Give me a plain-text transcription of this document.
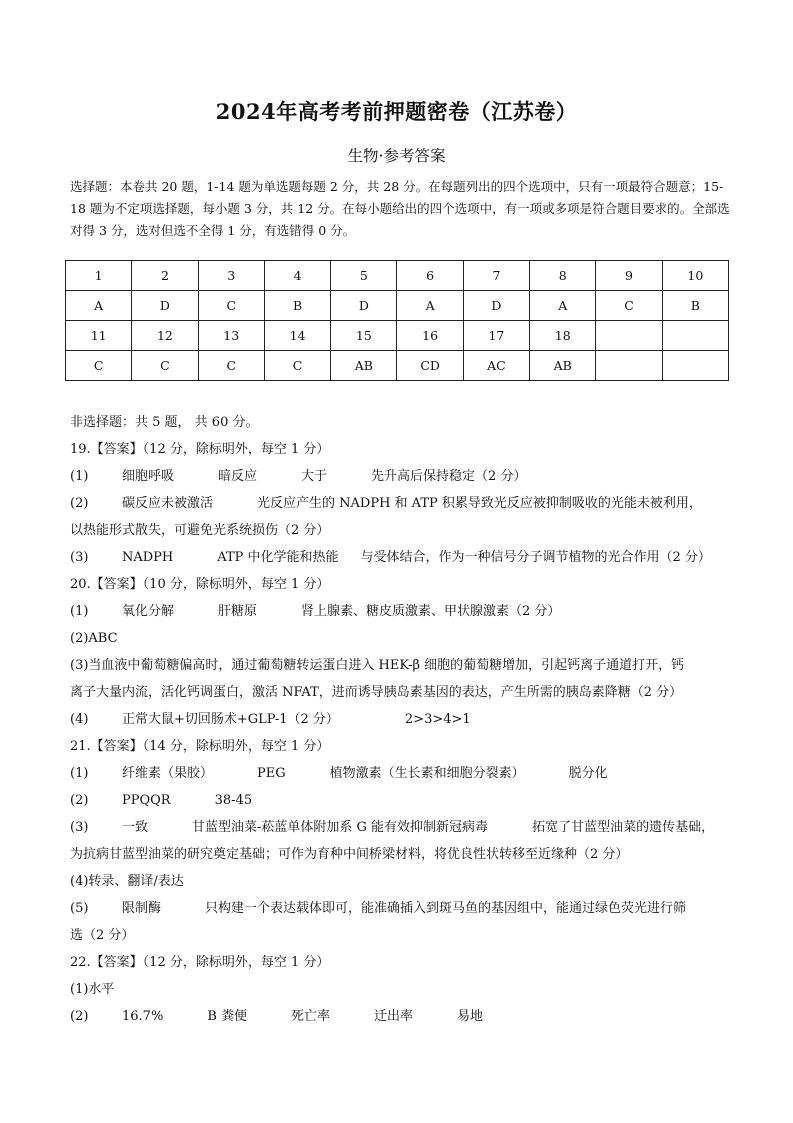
2024年高考考前押题密卷（江苏卷）
生物·参考答案
选择题：本卷共 20 题，1-14 题为单选题每题 2 分，共 28 分。在每题列出的四个选项中，只有一项最符合题意；15-18 题为不定项选择题，每小题 3 分，共 12 分。在每小题给出的四个选项中，有一项或多项是符合题目要求的。全部选对得 3 分，选对但选不全得 1 分，有选错得 0 分。
1	2	3	4	5	6	7	8	9	10
A	D	C	B	D	A	D	A	C	B
11	12	13	14	15	16	17	18		
C	C	C	C	AB	CD	AC	AB		
非选择题：共 5 题， 共 60 分。
19.【答案】（12 分，除标明外，每空 1 分）
(1)	细胞呼吸	暗反应	大于	先升高后保持稳定（2 分）
(2)	碳反应未被激活	光反应产生的 NADPH 和 ATP 积累导致光反应被抑制吸收的光能未被利用，
以热能形式散失，可避免光系统损伤（2 分）
(3)	NADPH	ATP 中化学能和热能 与受体结合，作为一种信号分子调节植物的光合作用（2 分）
20.【答案】（10 分，除标明外，每空 1 分）
(1)	氧化分解	肝糖原	肾上腺素、糖皮质激素、甲状腺激素（2 分）
(2)ABC
(3)当血液中葡萄糖偏高时，通过葡萄糖转运蛋白进入 HEK-β 细胞的葡萄糖增加，引起钙离子通道打开，钙
离子大量内流，活化钙调蛋白，激活 NFAT，进而诱导胰岛素基因的表达，产生所需的胰岛素降糖（2 分）
(4)	正常大鼠+切回肠术+GLP-1（2 分）	2>3>4>1
21.【答案】（14 分，除标明外，每空 1 分）
(1)	纤维素（果胶）	PEG	植物激素（生长素和细胞分裂素）	脱分化
(2)	PPQQR	38-45
(3)	一致	甘蓝型油菜-菘蓝单体附加系 G 能有效抑制新冠病毒	拓宽了甘蓝型油菜的遗传基础，
为抗病甘蓝型油菜的研究奠定基础；可作为育种中间桥梁材料，将优良性状转移至近缘种（2 分）
(4)转录、翻译/表达
(5)	限制酶	只构建一个表达载体即可，能准确插入到斑马鱼的基因组中，能通过绿色荧光进行筛
选（2 分）
22.【答案】（12 分，除标明外，每空 1 分）
(1)水平
(2)	16.7%	B 粪便	死亡率	迁出率	易地
